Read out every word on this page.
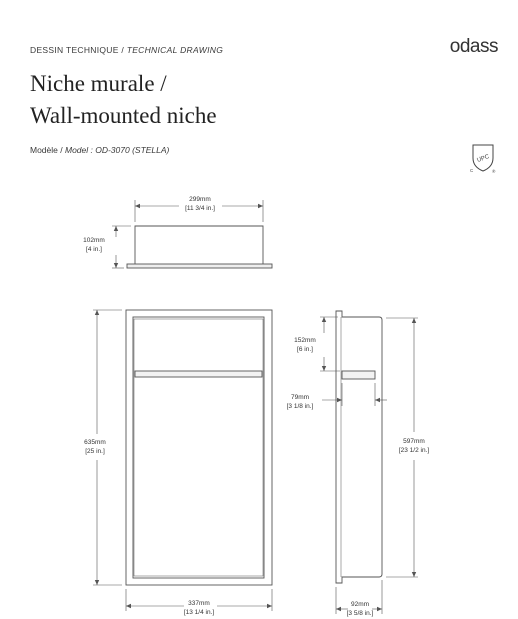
DESSIN TECHNIQUE / TECHNICAL DRAWING	odass
Niche murale /
Wall-mounted niche
Modèle / Model : OD-3070 (STELLA)
UPC
C	®
299mm
[11 3/4 in.]
102mm
[4 in.]
635mm
[25 in.]
337mm
[13 1/4 in.]
152mm
[6 in.]
79mm
[3 1/8 in.]
597mm
[23 1/2 in.]
92mm
[3 5/8 in.]
